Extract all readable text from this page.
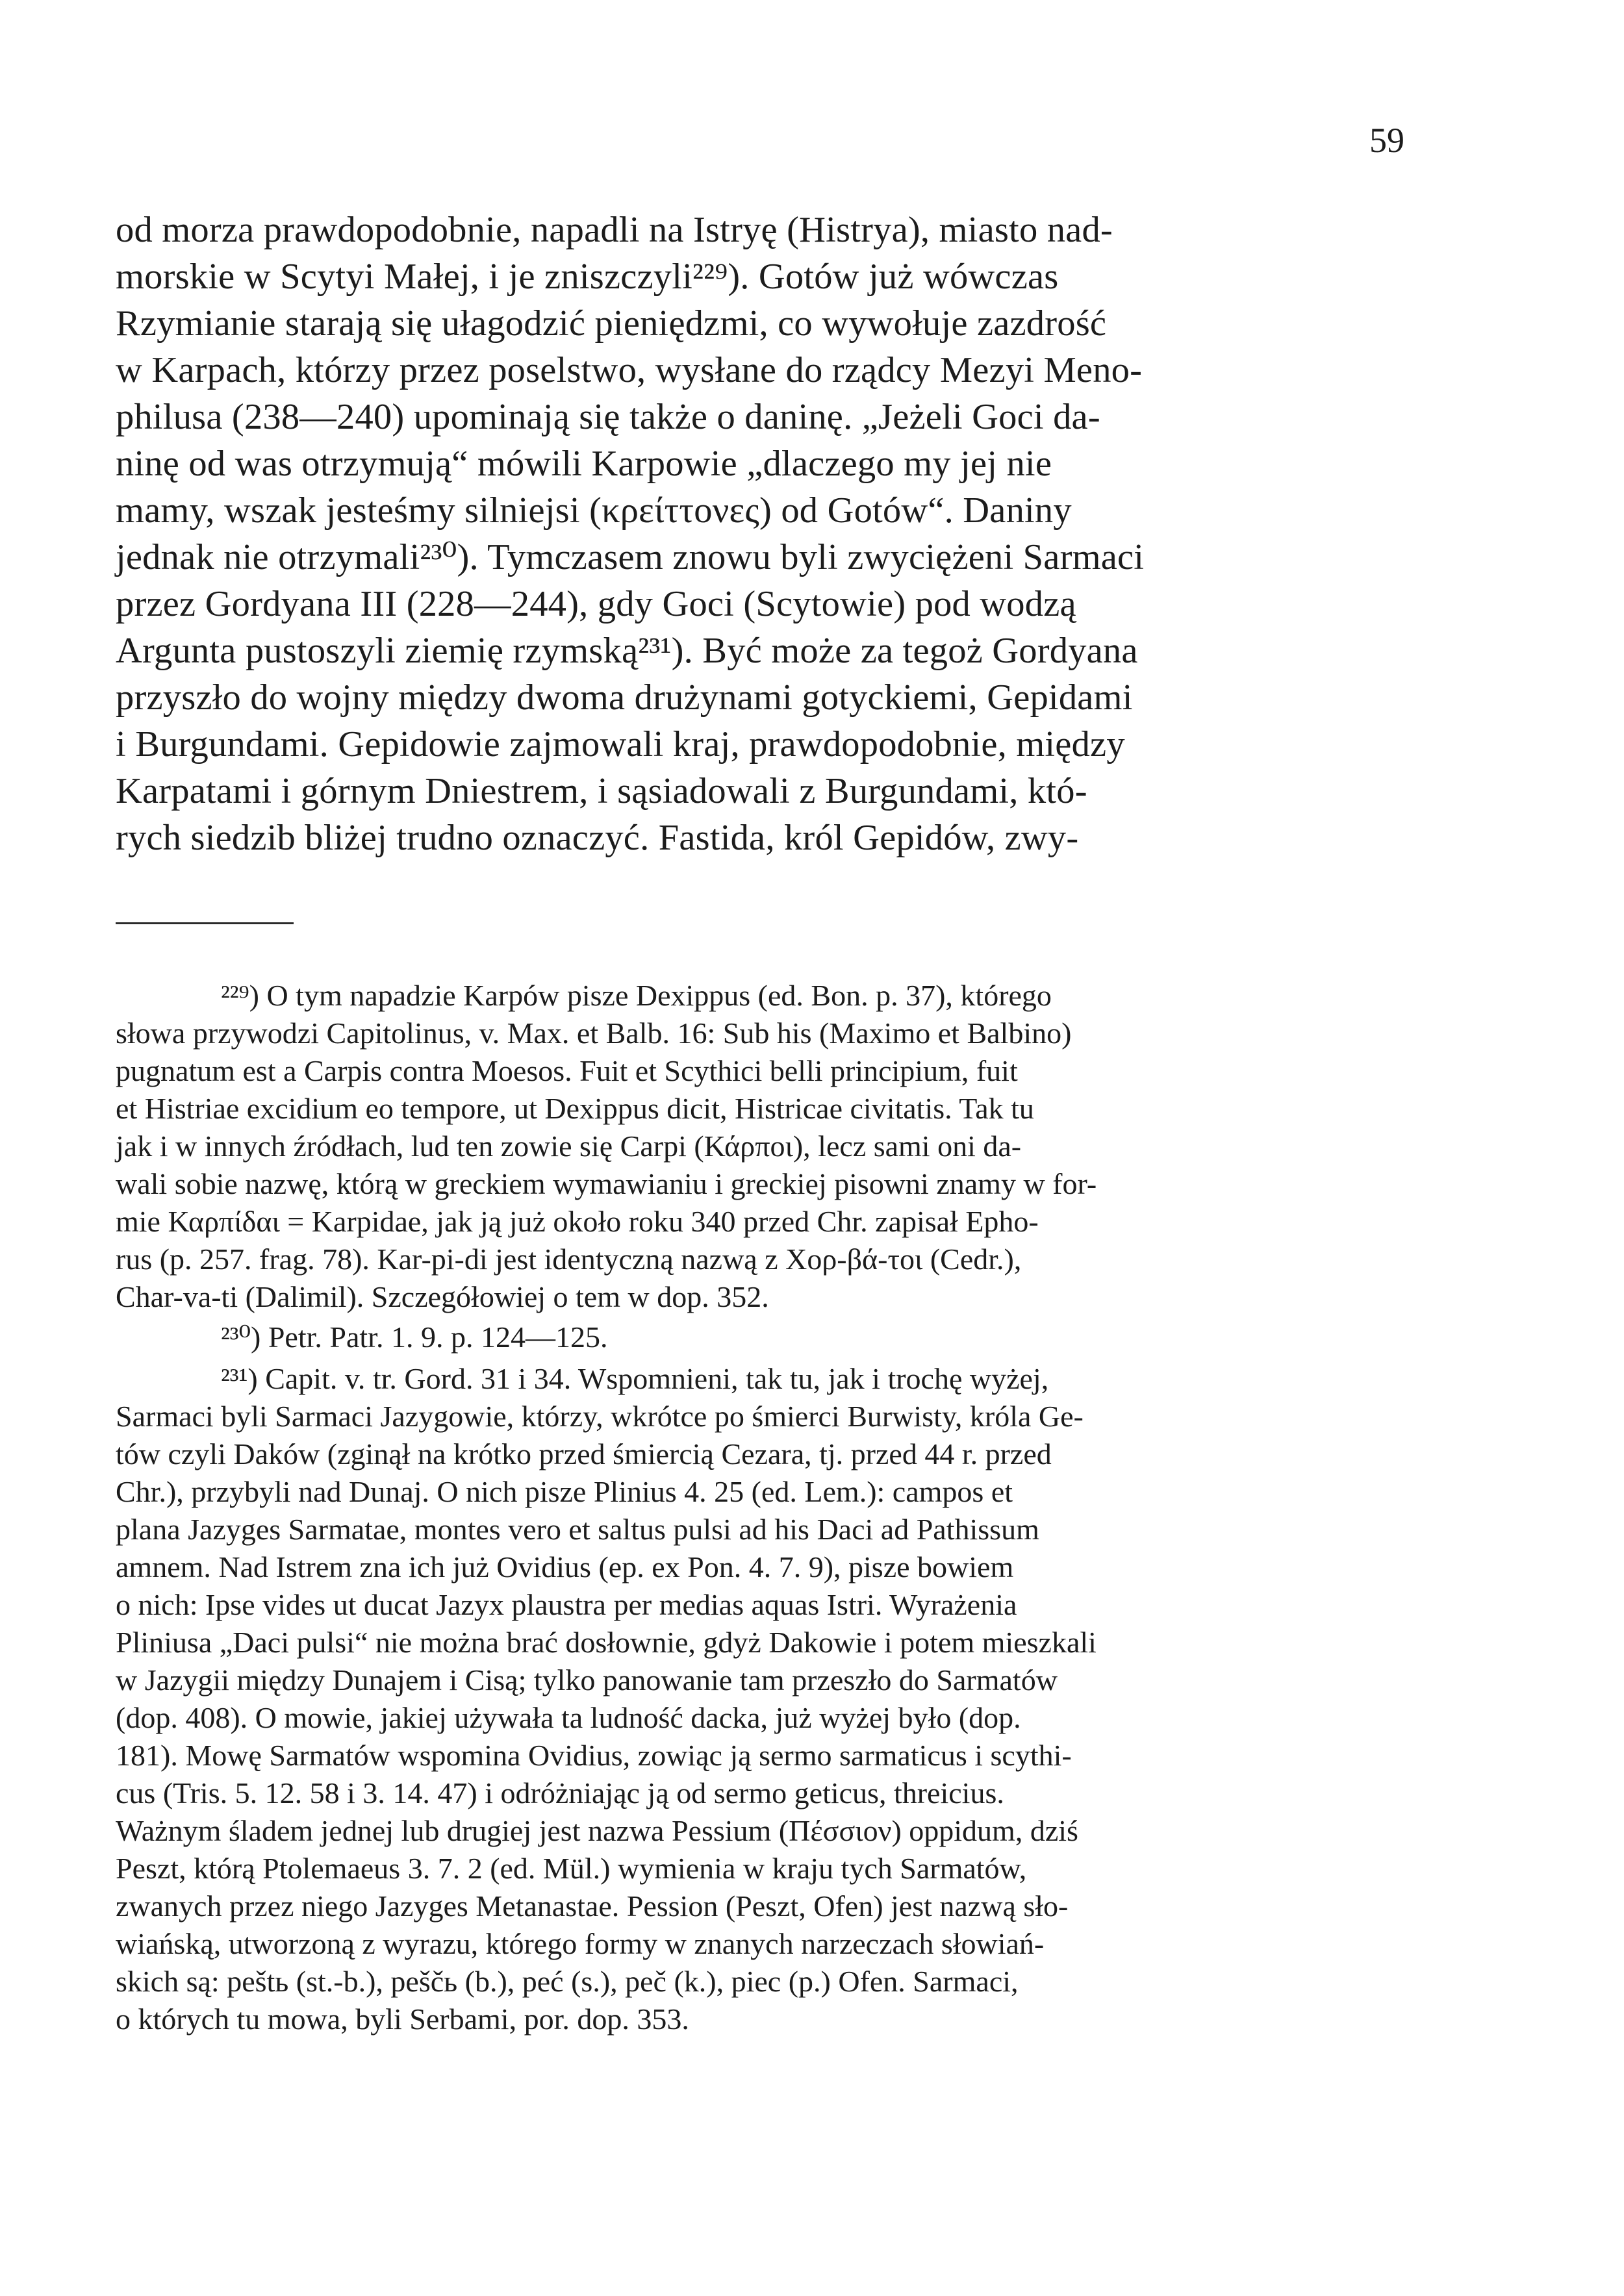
59

od morza prawdopodobnie, napadli na Istryę (Histrya), miasto nad-

morskie w Scytyi Małej, i je zniszczyli²²⁹). Gotów już wówczas

Rzymianie starają się ułagodzić pieniędzmi, co wywołuje zazdrość

w Karpach, którzy przez poselstwo, wysłane do rządcy Mezyi Meno-

philusa (238—240) upominają się także o daninę. „Jeżeli Goci da-

ninę od was otrzymują“ mówili Karpowie „dlaczego my jej nie

mamy, wszak jesteśmy silniejsi (κρείττονες) od Gotów“. Daniny

jednak nie otrzymali²³⁰). Tymczasem znowu byli zwyciężeni Sarmaci

przez Gordyana III (228—244), gdy Goci (Scytowie) pod wodzą

Argunta pustoszyli ziemię rzymską²³¹). Być może za tegoż Gordyana

przyszło do wojny między dwoma drużynami gotyckiemi, Gepidami

i Burgundami. Gepidowie zajmowali kraj, prawdopodobnie, między

Karpatami i górnym Dniestrem, i sąsiadowali z Burgundami, któ-

rych siedzib bliżej trudno oznaczyć. Fastida, król Gepidów, zwy-

²²⁹) O tym napadzie Karpów pisze Dexippus (ed. Bon. p. 37), którego

słowa przywodzi Capitolinus, v. Max. et Balb. 16: Sub his (Maximo et Balbino)

pugnatum est a Carpis contra Moesos. Fuit et Scythici belli principium, fuit

et Histriae excidium eo tempore, ut Dexippus dicit, Histricae civitatis. Tak tu

jak i w innych źródłach, lud ten zowie się Carpi (Κάρποι), lecz sami oni da-

wali sobie nazwę, którą w greckiem wymawianiu i greckiej pisowni znamy w for-

mie Καρπίδαι = Karpidae, jak ją już około roku 340 przed Chr. zapisał Epho-

rus (p. 257. frag. 78). Kar-pi-di jest identyczną nazwą z Χορ-βά-τοι (Cedr.),

Char-va-ti (Dalimil). Szczegółowiej o tem w dop. 352.

²³⁰) Petr. Patr. 1. 9. p. 124—125.

²³¹) Capit. v. tr. Gord. 31 i 34. Wspomnieni, tak tu, jak i trochę wyżej,

Sarmaci byli Sarmaci Jazygowie, którzy, wkrótce po śmierci Burwisty, króla Ge-

tów czyli Daków (zginął na krótko przed śmiercią Cezara, tj. przed 44 r. przed

Chr.), przybyli nad Dunaj. O nich pisze Plinius 4. 25 (ed. Lem.): campos et

plana Jazyges Sarmatae, montes vero et saltus pulsi ad his Daci ad Pathissum

amnem. Nad Istrem zna ich już Ovidius (ep. ex Pon. 4. 7. 9), pisze bowiem

o nich: Ipse vides ut ducat Jazyx plaustra per medias aquas Istri. Wyrażenia

Pliniusa „Daci pulsi“ nie można brać dosłownie, gdyż Dakowie i potem mieszkali

w Jazygii między Dunajem i Cisą; tylko panowanie tam przeszło do Sarmatów

(dop. 408). O mowie, jakiej używała ta ludność dacka, już wyżej było (dop.

181). Mowę Sarmatów wspomina Ovidius, zowiąc ją sermo sarmaticus i scythi-

cus (Tris. 5. 12. 58 i 3. 14. 47) i odróżniając ją od sermo geticus, threicius.

Ważnym śladem jednej lub drugiej jest nazwa Pessium (Πέσσιον) oppidum, dziś

Peszt, którą Ptolemaeus 3. 7. 2 (ed. Mül.) wymienia w kraju tych Sarmatów,

zwanych przez niego Jazyges Metanastae. Pession (Peszt, Ofen) jest nazwą sło-

wiańską, utworzoną z wyrazu, którego formy w znanych narzeczach słowiań-

skich są: peštь (st.-b.), peščь (b.), peć (s.), peč (k.), piec (p.) Ofen. Sarmaci,

o których tu mowa, byli Serbami, por. dop. 353.
